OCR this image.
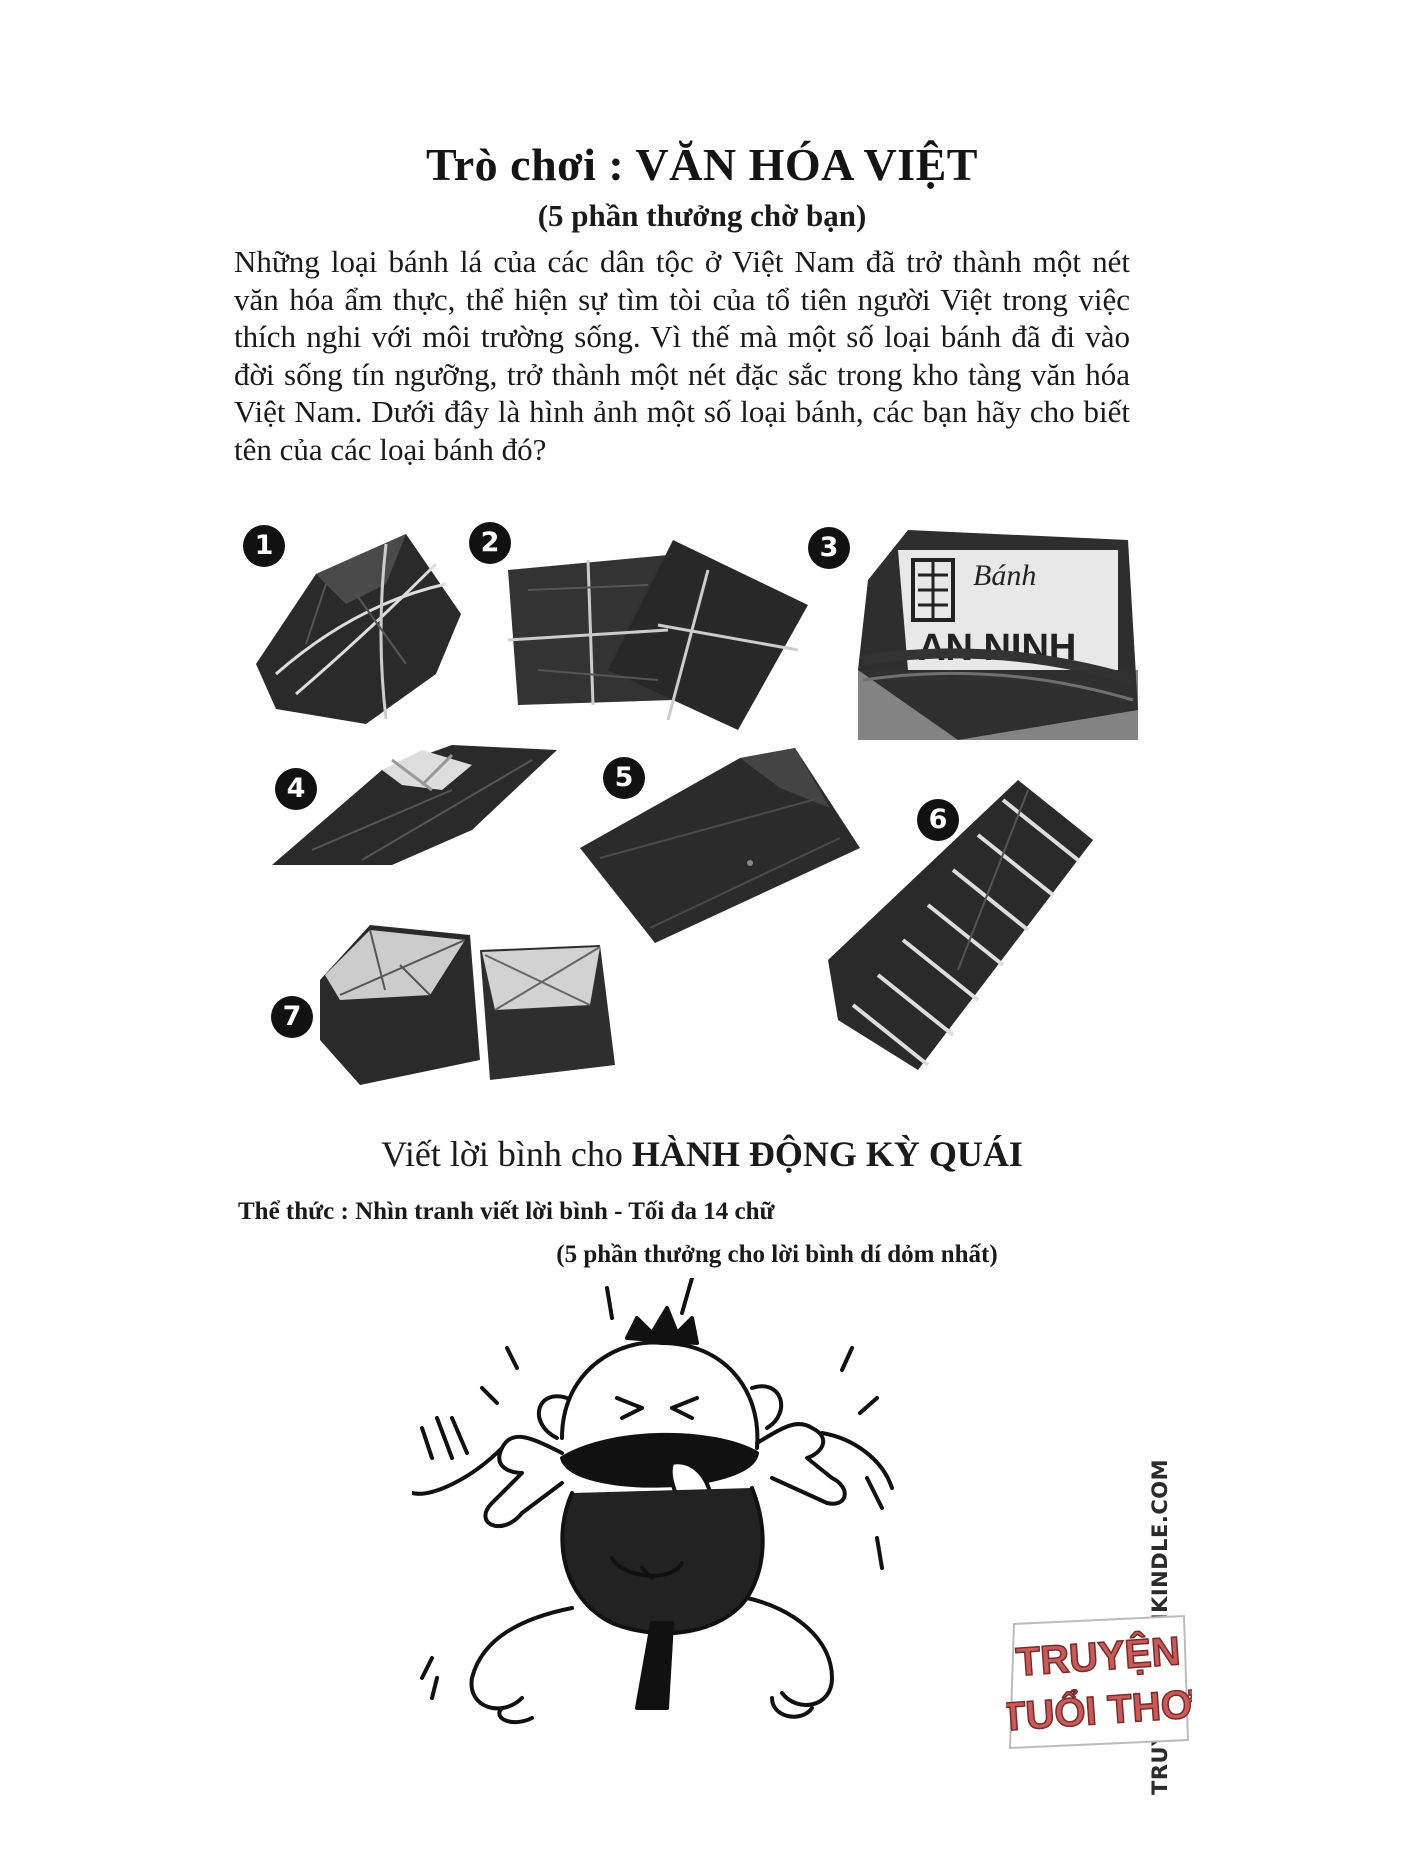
Trò chơi : VĂN HÓA VIỆT
(5 phần thưởng chờ bạn)
Những loại bánh lá của các dân tộc ở Việt Nam đã trở thành một nét văn hóa ẩm thực, thể hiện sự tìm tòi của tổ tiên người Việt trong việc thích nghi với môi trường sống. Vì thế mà một số loại bánh đã đi vào đời sống tín ngưỡng, trở thành một nét đặc sắc trong kho tàng văn hóa Việt Nam. Dưới đây là hình ảnh một số loại bánh, các bạn hãy cho biết tên của các loại bánh đó?
1	2	3
Bánh
AN NINH
4	5
6
7
Viết lời bình cho HÀNH ĐỘNG KỲ QUÁI
Thể thức : Nhìn tranh viết lời bình - Tối đa 14 chữ
(5 phần thưởng cho lời bình dí dỏm nhất)
TRUYỆN
TUỔI THƠ
